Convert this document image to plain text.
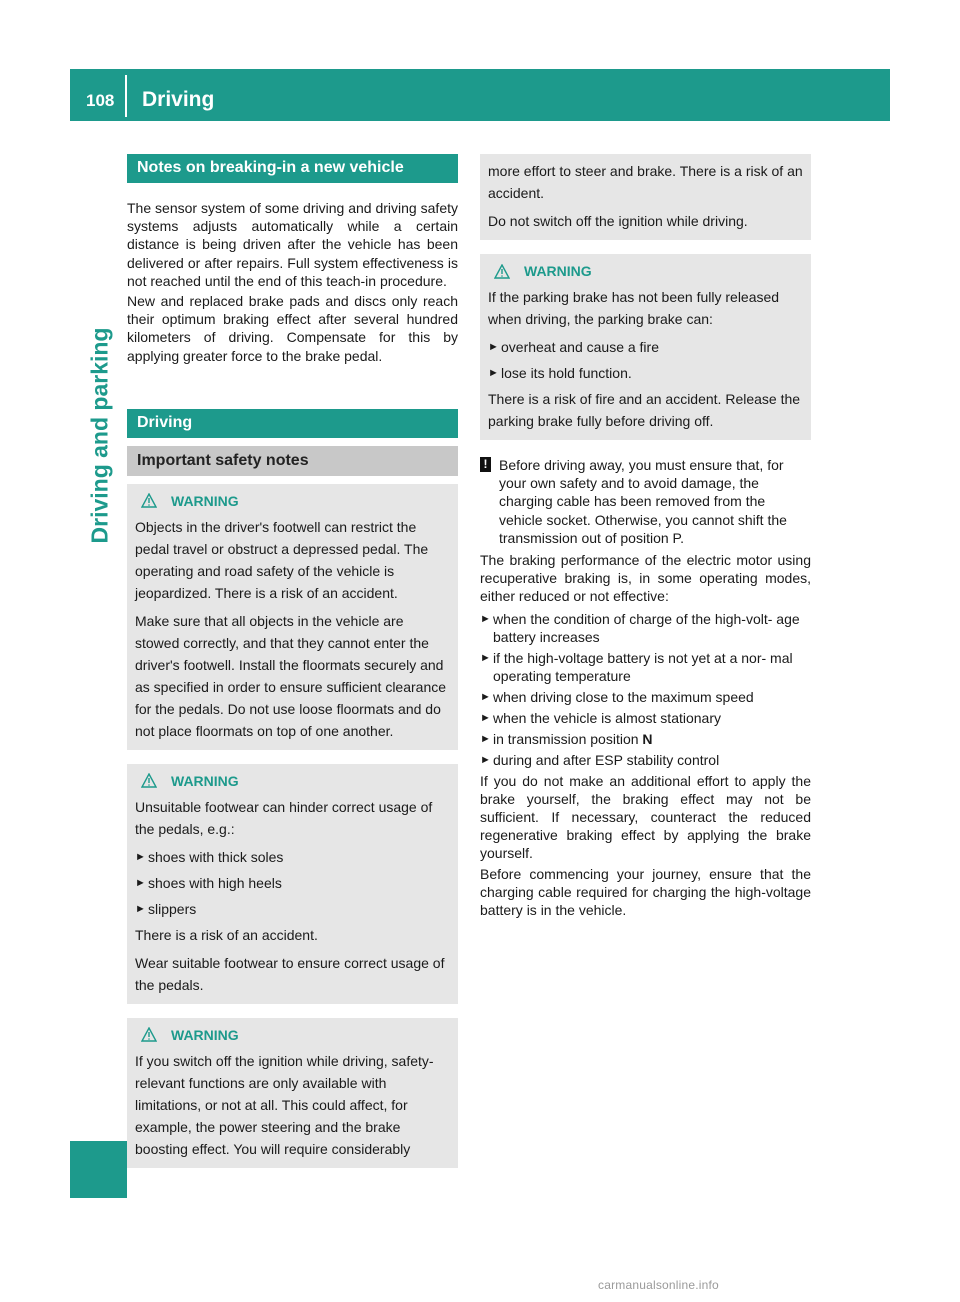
108 Driving
Driving and parking
Notes on breaking-in a new vehicle

The sensor system of some driving and driving safety systems adjusts automatically while a certain distance is being driven after the vehicle has been delivered or after repairs. Full system effectiveness is not reached until the end of this teach-in procedure.

New and replaced brake pads and discs only reach their optimum braking effect after several hundred kilometers of driving. Compensate for this by applying greater force to the brake pedal.

Driving
Important safety notes
WARNING

Objects in the driver's footwell can restrict the pedal travel or obstruct a depressed pedal. The operating and road safety of the vehicle is jeopardized. There is a risk of an accident.

Make sure that all objects in the vehicle are stowed correctly, and that they cannot enter the driver's footwell. Install the floormats securely and as specified in order to ensure sufficient clearance for the pedals. Do not use loose floormats and do not place floormats on top of one another.

WARNING

Unsuitable footwear can hinder correct usage of the pedals, e.g.:

► shoes with thick soles
► shoes with high heels
► slippers

There is a risk of an accident.

Wear suitable footwear to ensure correct usage of the pedals.

WARNING

If you switch off the ignition while driving, safety-relevant functions are only available with limitations, or not at all. This could affect, for example, the power steering and the brake boosting effect. You will require considerably

more effort to steer and brake. There is a risk of an accident.

Do not switch off the ignition while driving.

WARNING

If the parking brake has not been fully released when driving, the parking brake can:

► overheat and cause a fire
► lose its hold function.

There is a risk of fire and an accident. Release the parking brake fully before driving off.

! Before driving away, you must ensure that, for your own safety and to avoid damage, the charging cable has been removed from the vehicle socket. Otherwise, you cannot shift the transmission out of position P.

The braking performance of the electric motor using recuperative braking is, in some operating modes, either reduced or not effective:

► when the condition of charge of the high-volt- age battery increases
► if the high-voltage battery is not yet at a nor- mal operating temperature
► when driving close to the maximum speed
► when the vehicle is almost stationary
► in transmission position N
► during and after ESP stability control

If you do not make an additional effort to apply the brake yourself, the braking effect may not be sufficient. If necessary, counteract the reduced regenerative braking effect by applying the brake yourself.

Before commencing your journey, ensure that the charging cable required for charging the high-voltage battery is in the vehicle.

carmanualsonline.info
